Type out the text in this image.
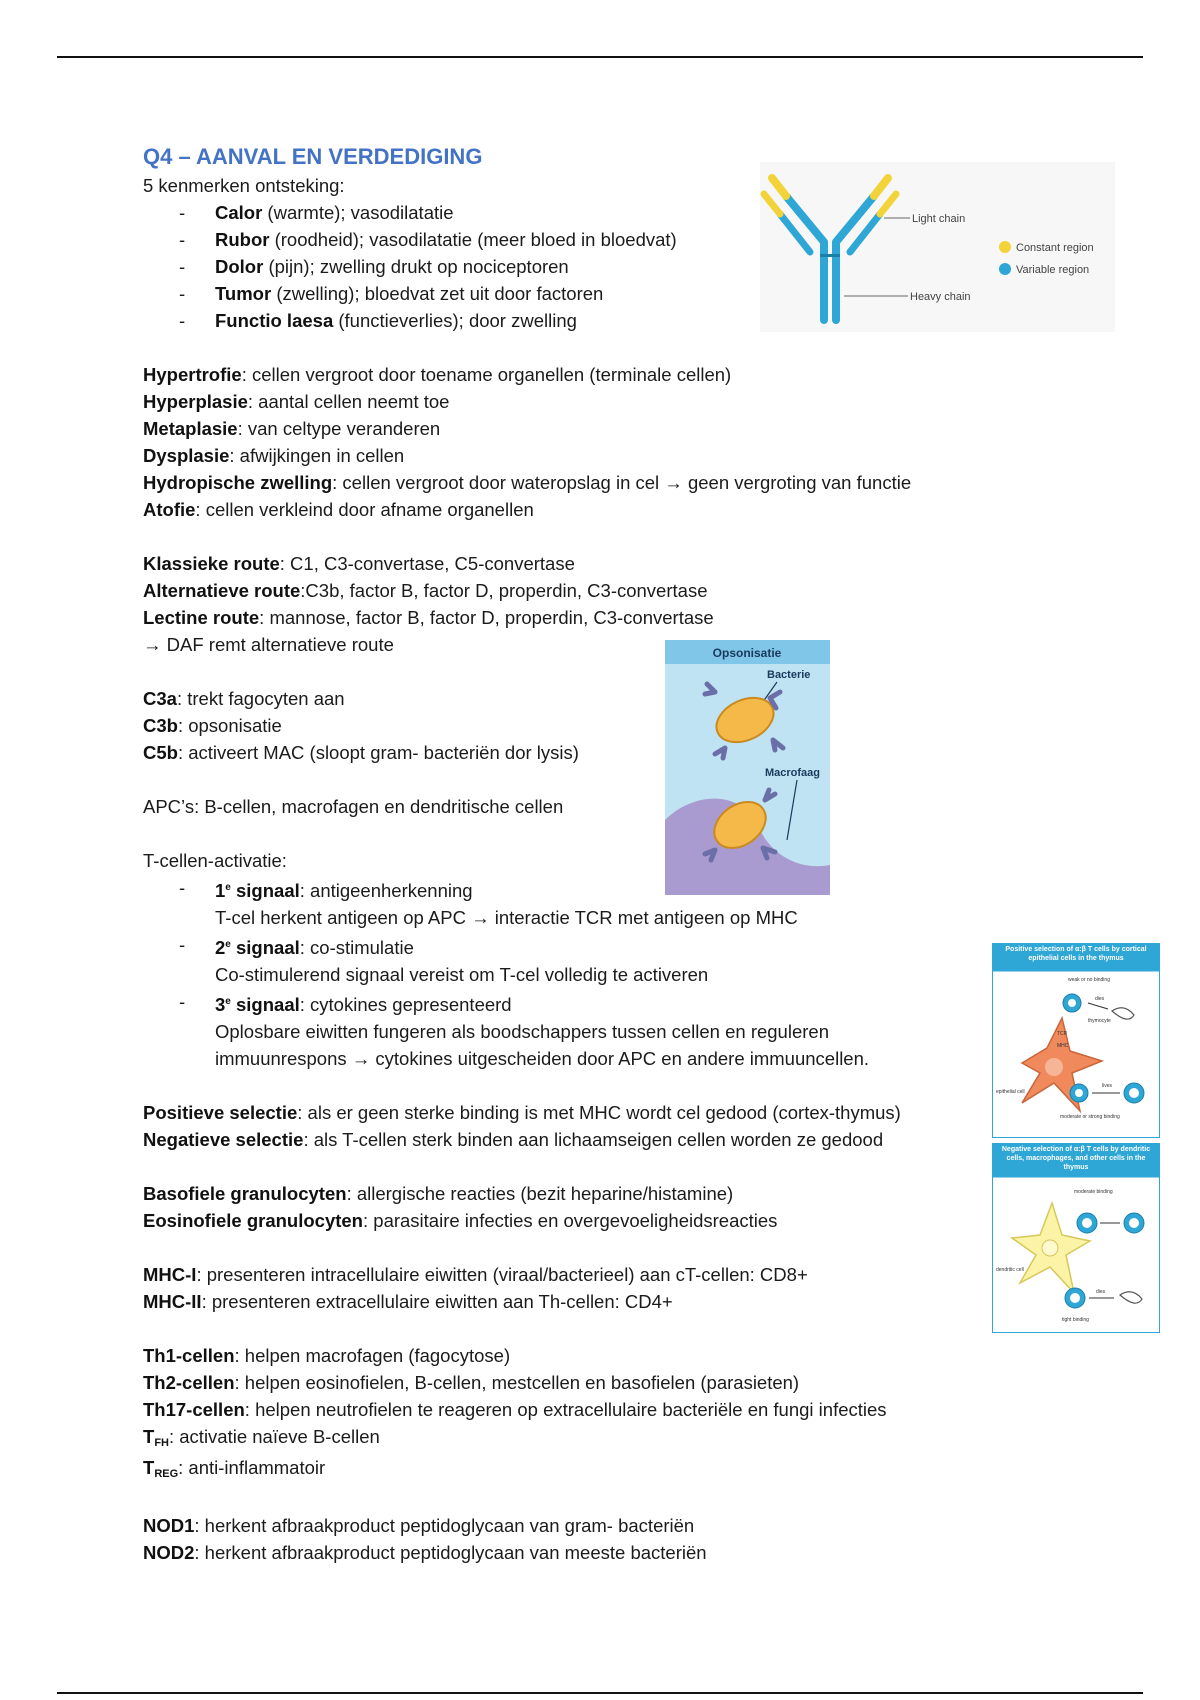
Q4 – AANVAL EN VERDEDIGING
5 kenmerken ontsteking:
- Calor (warmte); vasodilatatie
- Rubor (roodheid); vasodilatatie (meer bloed in bloedvat)
- Dolor (pijn); zwelling drukt op nociceptoren
- Tumor (zwelling); bloedvat zet uit door factoren
- Functio laesa (functieverlies); door zwelling
Hypertrofie: cellen vergroot door toename organellen (terminale cellen)
Hyperplasie: aantal cellen neemt toe
Metaplasie: van celtype veranderen
Dysplasie: afwijkingen in cellen
Hydropische zwelling: cellen vergroot door wateropslag in cel → geen vergroting van functie
Atofie: cellen verkleind door afname organellen
Klassieke route: C1, C3-convertase, C5-convertase
Alternatieve route:C3b, factor B, factor D, properdin, C3-convertase
Lectine route: mannose, factor B, factor D, properdin, C3-convertase
→ DAF remt alternatieve route
C3a: trekt fagocyten aan
C3b: opsonisatie
C5b: activeert MAC (sloopt gram- bacteriën dor lysis)
APC’s: B-cellen, macrofagen en dendritische cellen
T-cellen-activatie:
- 1e signaal: antigeenherkenning
T-cel herkent antigeen op APC → interactie TCR met antigeen op MHC
- 2e signaal: co-stimulatie
Co-stimulerend signaal vereist om T-cel volledig te activeren
- 3e signaal: cytokines gepresenteerd
Oplosbare eiwitten fungeren als boodschappers tussen cellen en reguleren
immuunrespons → cytokines uitgescheiden door APC en andere immuuncellen.
Positieve selectie: als er geen sterke binding is met MHC wordt cel gedood (cortex-thymus)
Negatieve selectie: als T-cellen sterk binden aan lichaamseigen cellen worden ze gedood
Basofiele granulocyten: allergische reacties (bezit heparine/histamine)
Eosinofiele granulocyten: parasitaire infecties en overgevoeligheidsreacties
MHC-I: presenteren intracellulaire eiwitten (viraal/bacterieel) aan cT-cellen: CD8+
MHC-II: presenteren extracellulaire eiwitten aan Th-cellen: CD4+
Th1-cellen: helpen macrofagen (fagocytose)
Th2-cellen: helpen eosinofielen, B-cellen, mestcellen en basofielen (parasieten)
Th17-cellen: helpen neutrofielen te reageren op extracellulaire bacteriële en fungi infecties
TFH: activatie naïeve B-cellen
TREG: anti-inflammatoir
NOD1: herkent afbraakproduct peptidoglycaan van gram- bacteriën
NOD2: herkent afbraakproduct peptidoglycaan van meeste bacteriën
Light chain
Heavy chain
Constant region
Variable region
Opsonisatie
Bacterie
Macrofaag
Positive selection of α:β T cells by cortical epithelial cells in the thymus
weak or no binding
dies
thymocyte
TCR
MHC
epithelial cell
lives
moderate or strong binding
Negative selection of α:β T cells by dendritic cells, macrophages, and other cells in the thymus
moderate binding
dendritic cell
dies
tight binding
